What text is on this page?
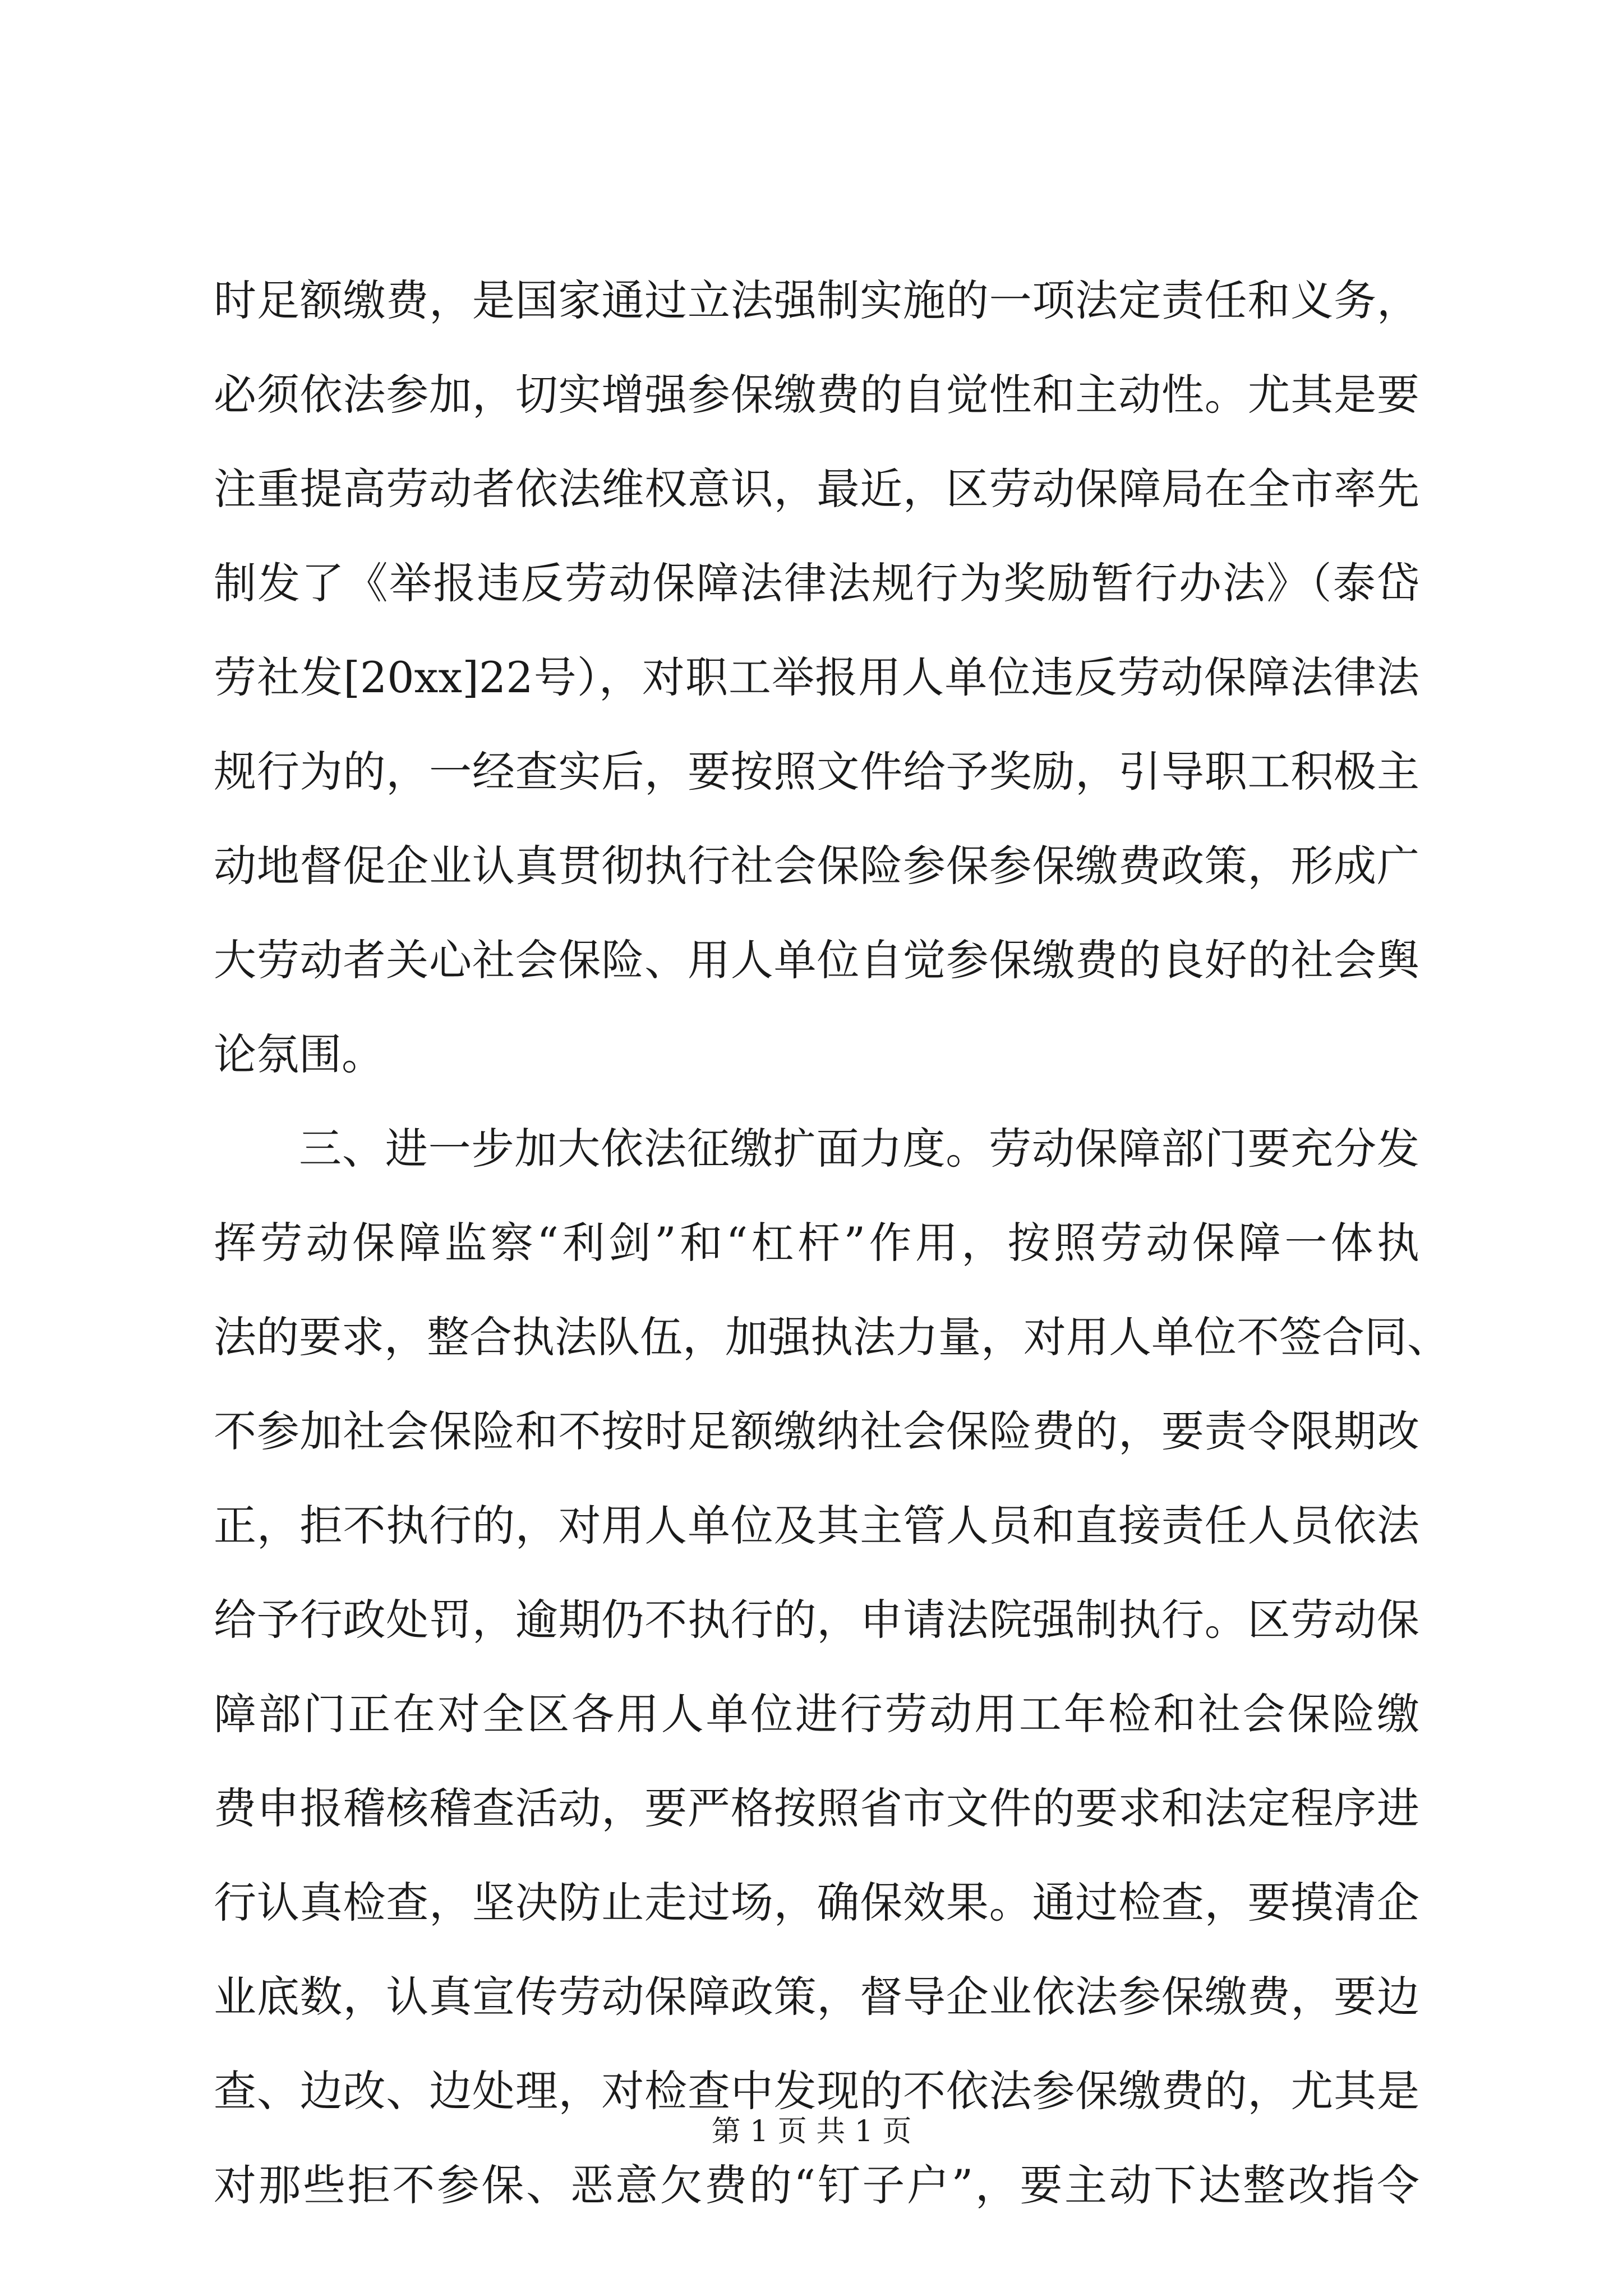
时足额缴费，是国家通过立法强制实施的一项法定责任和义务，
必须依法参加，切实增强参保缴费的自觉性和主动性。尤其是要
注重提高劳动者依法维权意识，最近，区劳动保障局在全市率先
制发了《举报违反劳动保障法律法规行为奖励暂行办法》（泰岱
劳社发[20xx]22号），对职工举报用人单位违反劳动保障法律法
规行为的，一经查实后，要按照文件给予奖励，引导职工积极主
动地督促企业认真贯彻执行社会保险参保参保缴费政策，形成广
大劳动者关心社会保险、用人单位自觉参保缴费的良好的社会舆
论氛围。
三、进一步加大依法征缴扩面力度。劳动保障部门要充分发
挥劳动保障监察“利剑”和“杠杆”作用，按照劳动保障一体执
法的要求，整合执法队伍，加强执法力量，对用人单位不签合同、
不参加社会保险和不按时足额缴纳社会保险费的，要责令限期改
正，拒不执行的，对用人单位及其主管人员和直接责任人员依法
给予行政处罚，逾期仍不执行的，申请法院强制执行。区劳动保
障部门正在对全区各用人单位进行劳动用工年检和社会保险缴
费申报稽核稽查活动，要严格按照省市文件的要求和法定程序进
行认真检查，坚决防止走过场，确保效果。通过检查，要摸清企
业底数，认真宣传劳动保障政策，督导企业依法参保缴费，要边
查、边改、边处理，对检查中发现的不依法参保缴费的，尤其是
对那些拒不参保、恶意欠费的“钉子户”，要主动下达整改指令
第 1 页 共 1 页
